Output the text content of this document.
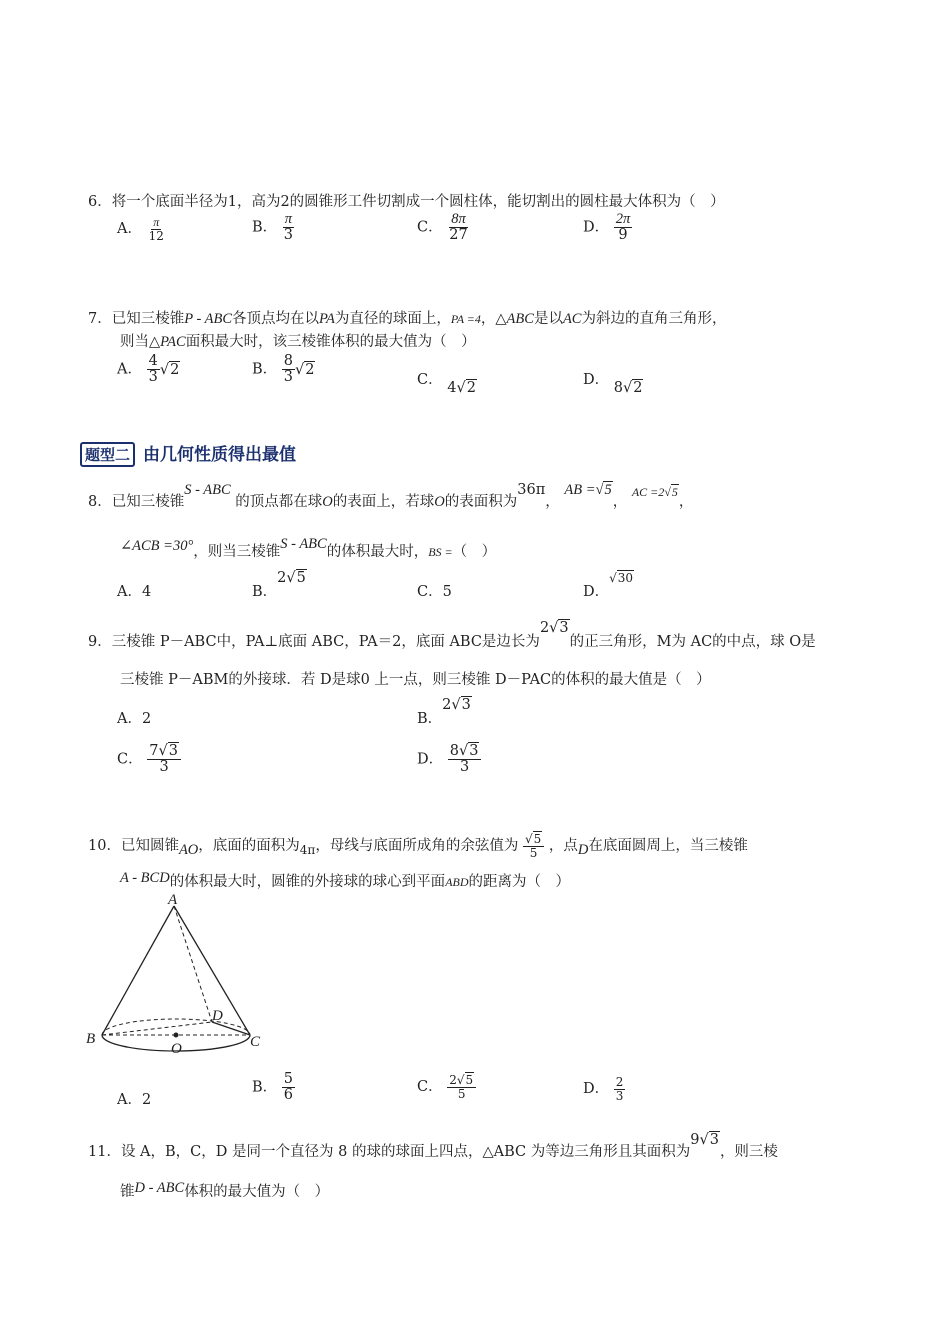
6．将一个底面半径为1，高为2的圆锥形工件切割成一个圆柱体，能切割出的圆柱最大体积为（　）
A． $\frac{\pi}{12}$	B． $\frac{\pi}{3}$	C． $\frac{8\pi}{27}$	D． $\frac{2\pi}{9}$
7．已知三棱锥P - ABC各顶点均在以PA为直径的球面上，PA =4，△ABC是以AC为斜边的直角三角形，
则当△PAC面积最大时，该三棱锥体积的最大值为（　）
A． $\frac{4}{3} √2$	B． $\frac{8}{3} √2$
C． 4√2	D． 8√2
题型二 由几何性质得出最值
8．已知三棱锥S - ABC 的顶点都在球O的表面上，若球O的表面积为36π， AB =√5， $^{AC =2√5}$，
∠ACB =30°，则当三棱锥S - ABC的体积最大时，BS =（　）
A．4	B．2√5
C．5	D．√30
9．三棱锥 P－ABC中，PA⊥底面 ABC，PA＝2，底面 ABC是边长为2√3的正三角形，M为 AC的中点，球 O是
三棱锥 P－ABM的外接球．若 D是球0 上一点，则三棱锥 D－PAC的体积的最大值是（　）
A．2	B．2√3
C． $\frac{7√3}{3}$	D． $\frac{8√3}{3}$
10．已知圆锥AO，底面的面积为$_{4\pi}$，母线与底面所成角的余弦值为 $\frac{√5}{5}$ ，点D在底面圆周上，当三棱锥
A - BCD的体积最大时，圆锥的外接球的球心到平面ABD的距离为（　）
A
B	C
D
O
A．2
B． $\frac{5}{6}$	C． $\frac{2√5}{5}$	D． $\frac{2}{3}$
11．设 A，B，C，D 是同一个直径为 8 的球的球面上四点，△ABC 为等边三角形且其面积为9√3，则三棱
锥D - ABC体积的最大值为（　）
